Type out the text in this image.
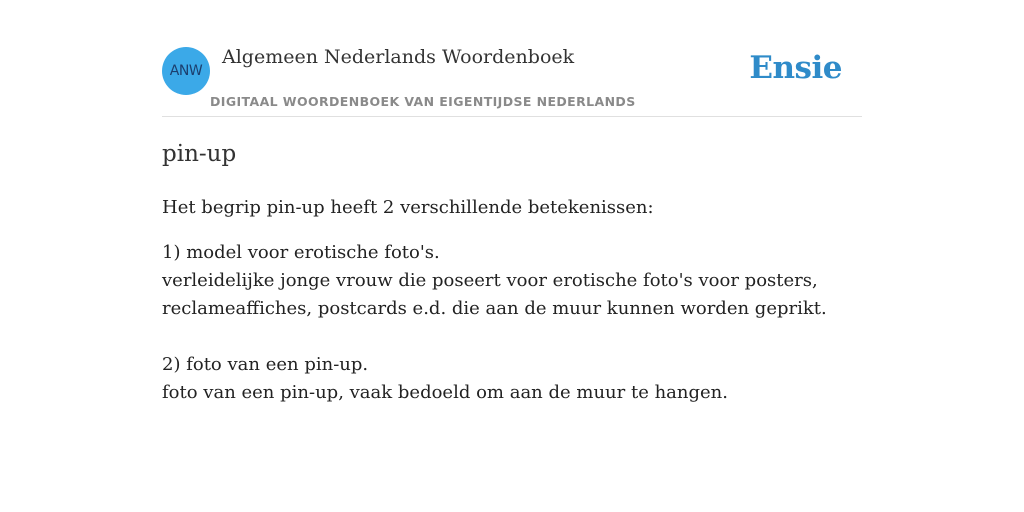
ANW
Algemeen Nederlands Woordenboek
DIGITAAL WOORDENBOEK VAN EIGENTIJDSE NEDERLANDS
Ensie
pin-up

Het begrip pin-up heeft 2 verschillende betekenissen:

1) model voor erotische foto's.
verleidelijke jonge vrouw die poseert voor erotische foto's voor posters,
reclameaffiches, postcards e.d. die aan de muur kunnen worden geprikt.

2) foto van een pin-up.
foto van een pin-up, vaak bedoeld om aan de muur te hangen.
